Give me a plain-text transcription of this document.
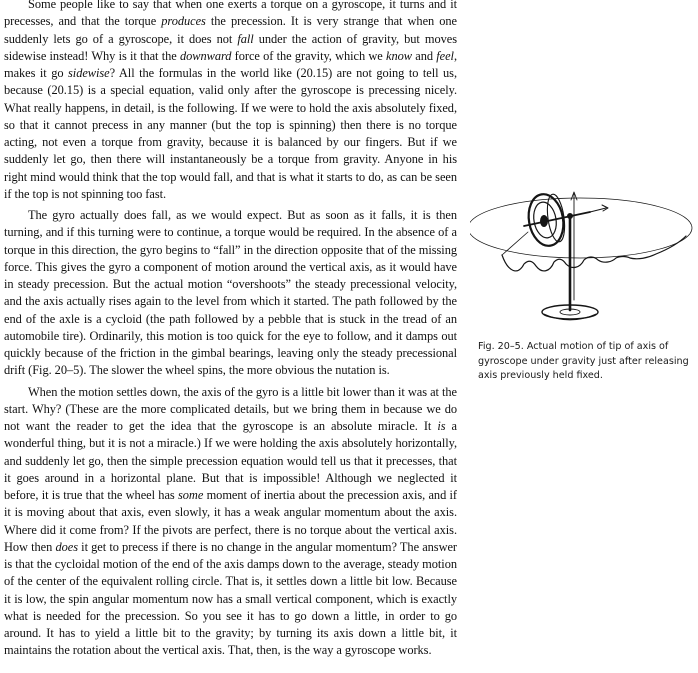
Some people like to say that when one exerts a torque on a gyroscope, it turns and it precesses, and that the torque produces the precession. It is very strange that when one suddenly lets go of a gyroscope, it does not fall under the action of gravity, but moves sidewise instead! Why is it that the downward force of the gravity, which we know and feel, makes it go sidewise? All the formulas in the world like (20.15) are not going to tell us, because (20.15) is a special equation, valid only after the gyroscope is precessing nicely. What really happens, in detail, is the following. If we were to hold the axis absolutely fixed, so that it cannot precess in any manner (but the top is spinning) then there is no torque acting, not even a torque from gravity, because it is balanced by our fingers. But if we suddenly let go, then there will instantaneously be a torque from gravity. Anyone in his right mind would think that the top would fall, and that is what it starts to do, as can be seen if the top is not spinning too fast.

The gyro actually does fall, as we would expect. But as soon as it falls, it is then turning, and if this turning were to continue, a torque would be required. In the absence of a torque in this direction, the gyro begins to “fall” in the direction opposite that of the missing force. This gives the gyro a component of motion around the vertical axis, as it would have in steady precession. But the actual motion “overshoots” the steady precessional velocity, and the axis actually rises again to the level from which it started. The path followed by the end of the axle is a cycloid (the path followed by a pebble that is stuck in the tread of an automobile tire). Ordinarily, this motion is too quick for the eye to follow, and it damps out quickly because of the friction in the gimbal bearings, leaving only the steady precessional drift (Fig. 20–5). The slower the wheel spins, the more obvious the nutation is.

When the motion settles down, the axis of the gyro is a little bit lower than it was at the start. Why? (These are the more complicated details, but we bring them in because we do not want the reader to get the idea that the gyroscope is an absolute miracle. It is a wonderful thing, but it is not a miracle.) If we were holding the axis absolutely horizontally, and suddenly let go, then the simple precession equation would tell us that it precesses, that it goes around in a horizontal plane. But that is impossible! Although we neglected it before, it is true that the wheel has some moment of inertia about the precession axis, and if it is moving about that axis, even slowly, it has a weak angular momentum about the axis. Where did it come from? If the pivots are perfect, there is no torque about the vertical axis. How then does it get to precess if there is no change in the angular momentum? The answer is that the cycloidal motion of the end of the axis damps down to the average, steady motion of the center of the equivalent rolling circle. That is, it settles down a little bit low. Because it is low, the spin angular momentum now has a small vertical component, which is exactly what is needed for the precession. So you see it has to go down a little, in order to go around. It has to yield a little bit to the gravity; by turning its axis down a little bit, it maintains the rotation about the vertical axis. That, then, is the way a gyroscope works.

Fig. 20–5. Actual motion of tip of axis of gyroscope under gravity just after releasing axis previously held fixed.
